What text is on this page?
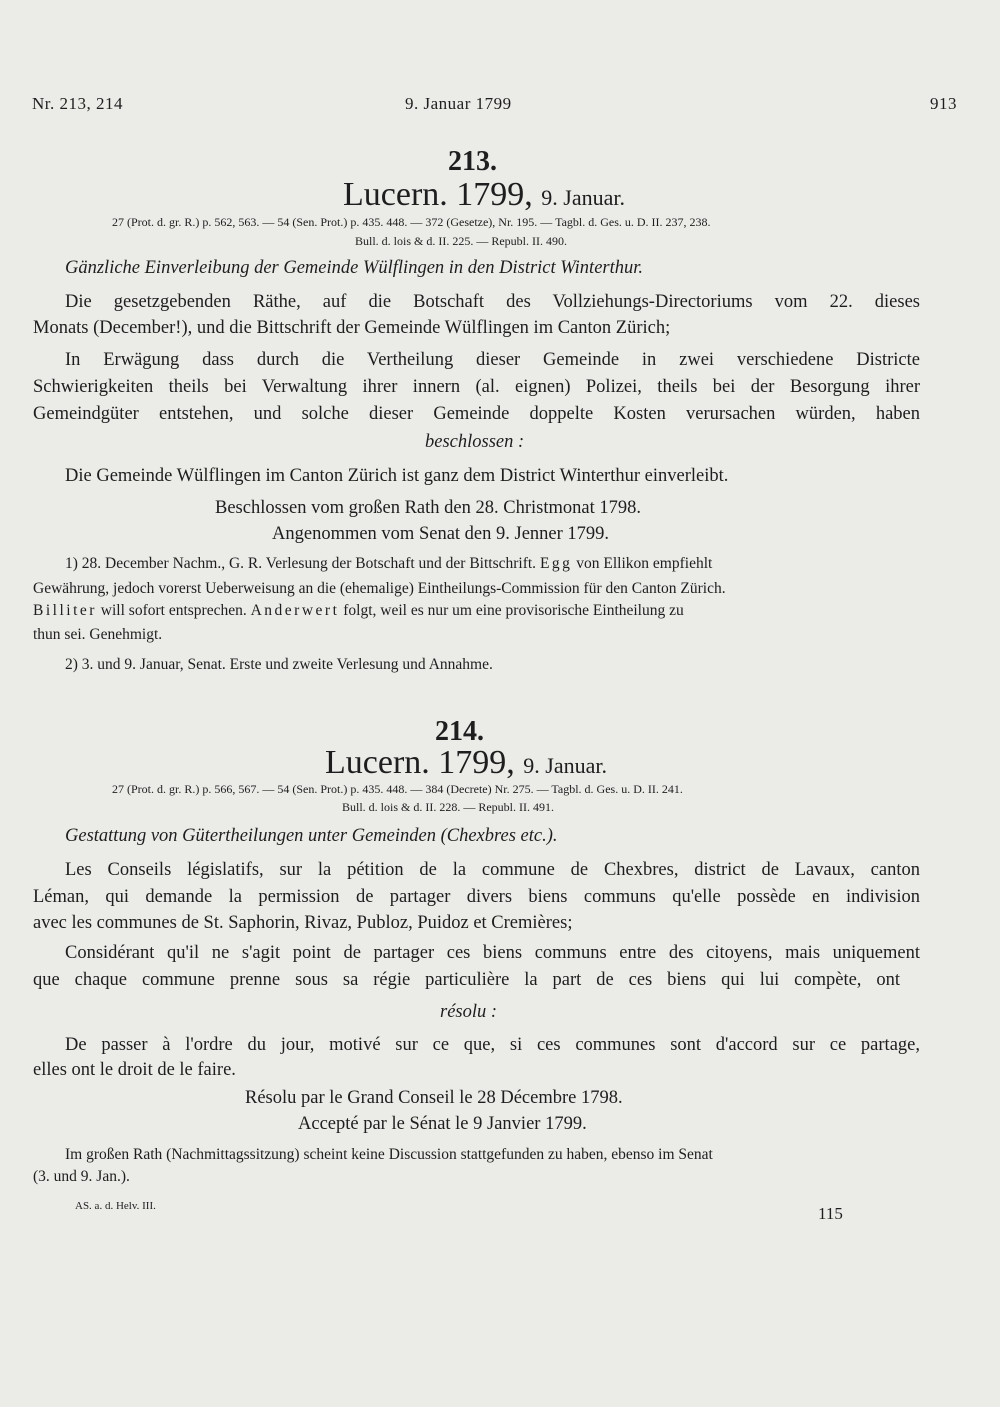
Nr. 213, 214	9. Januar 1799	913
213.
Lucern. 1799, 9. Januar.
27 (Prot. d. gr. R.) p. 562, 563. — 54 (Sen. Prot.) p. 435. 448. — 372 (Gesetze), Nr. 195. — Tagbl. d. Ges. u. D. II. 237, 238.
Bull. d. lois & d. II. 225. — Republ. II. 490.
Gänzliche Einverleibung der Gemeinde Wülflingen in den District Winterthur.
Die gesetzgebenden Räthe, auf die Botschaft des Vollziehungs-Directoriums vom 22. dieses
Monats (December!), und die Bittschrift der Gemeinde Wülflingen im Canton Zürich;
In Erwägung dass durch die Vertheilung dieser Gemeinde in zwei verschiedene Districte
Schwierigkeiten theils bei Verwaltung ihrer innern (al. eignen) Polizei, theils bei der Besorgung ihrer
Gemeindgüter entstehen, und solche dieser Gemeinde doppelte Kosten verursachen würden, haben
beschlossen :
Die Gemeinde Wülflingen im Canton Zürich ist ganz dem District Winterthur einverleibt.
Beschlossen vom großen Rath den 28. Christmonat 1798.
Angenommen vom Senat den 9. Jenner 1799.
1) 28. December Nachm., G. R. Verlesung der Botschaft und der Bittschrift. Egg von Ellikon empfiehlt
Gewährung, jedoch vorerst Ueberweisung an die (ehemalige) Eintheilungs-Commission für den Canton Zürich.
Billiter will sofort entsprechen. Anderwert folgt, weil es nur um eine provisorische Eintheilung zu
thun sei. Genehmigt.
2) 3. und 9. Januar, Senat. Erste und zweite Verlesung und Annahme.
214.
Lucern. 1799, 9. Januar.
27 (Prot. d. gr. R.) p. 566, 567. — 54 (Sen. Prot.) p. 435. 448. — 384 (Decrete) Nr. 275. — Tagbl. d. Ges. u. D. II. 241.
Bull. d. lois & d. II. 228. — Republ. II. 491.
Gestattung von Gütertheilungen unter Gemeinden (Chexbres etc.).
Les Conseils législatifs, sur la pétition de la commune de Chexbres, district de Lavaux, canton
Léman, qui demande la permission de partager divers biens communs qu'elle possède en indivision
avec les communes de St. Saphorin, Rivaz, Publoz, Puidoz et Cremières;
Considérant qu'il ne s'agit point de partager ces biens communs entre des citoyens, mais uniquement
que chaque commune prenne sous sa régie particulière la part de ces biens qui lui compète, ont
résolu :
De passer à l'ordre du jour, motivé sur ce que, si ces communes sont d'accord sur ce partage,
elles ont le droit de le faire.
Résolu par le Grand Conseil le 28 Décembre 1798.
Accepté par le Sénat le 9 Janvier 1799.
Im großen Rath (Nachmittagssitzung) scheint keine Discussion stattgefunden zu haben, ebenso im Senat
(3. und 9. Jan.).
AS. a. d. Helv. III.	115
